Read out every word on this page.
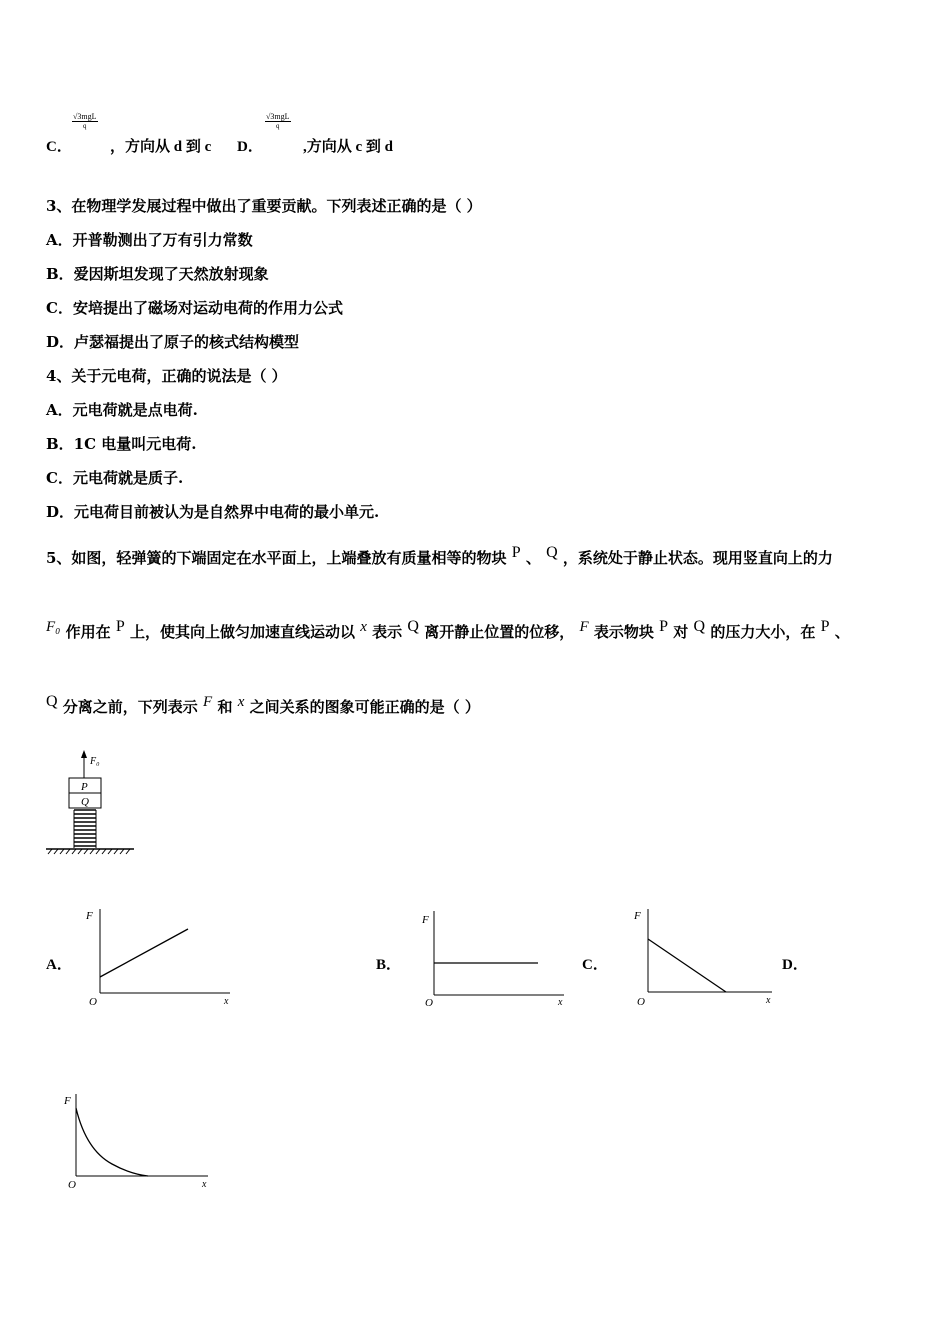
C．
√3mgL
q
，方向从 d 到 c D．
√3mgL
q
,方向从 c 到 d
3、在物理学发展过程中做出了重要贡献。下列表述正确的是（ ）
A．开普勒测出了万有引力常数
B．爱因斯坦发现了天然放射现象
C．安培提出了磁场对运动电荷的作用力公式
D．卢瑟福提出了原子的核式结构模型
4、关于元电荷，正确的说法是（ ）
A．元电荷就是点电荷.
B．1C 电量叫元电荷.
C．元电荷就是质子.
D．元电荷目前被认为是自然界中电荷的最小单元.
5、如图，轻弹簧的下端固定在水平面上，上端叠放有质量相等的物块 P 、 Q ，系统处于静止状态。现用竖直向上的力
F₀ 作用在 P 上，使其向上做匀加速直线运动以 x 表示 Q 离开静止位置的位移， F 表示物块 P 对 Q 的压力大小，在 P 、
Q 分离之前，下列表示 F 和 x 之间关系的图象可能正确的是（ ）
F₀
P
Q
A．	B．	C．	D．
F
x
O
F
x
O
F
x
O
F
x
O
